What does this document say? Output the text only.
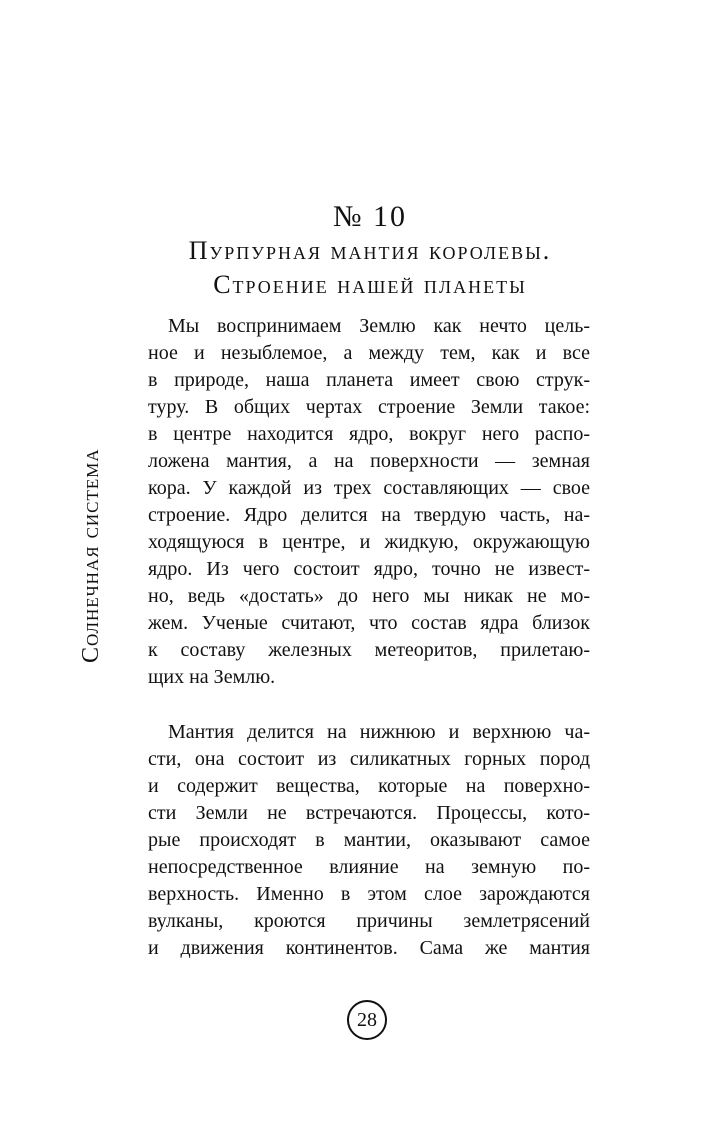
Солнечная система
№ 10
Пурпурная мантия королевы.
Строение нашей планеты
Мы воспринимаем Землю как нечто цель-
ное и незыблемое, а между тем, как и все
в природе, наша планета имеет свою струк-
туру. В общих чертах строение Земли такое:
в центре находится ядро, вокруг него распо-
ложена мантия, а на поверхности — земная
кора. У каждой из трех составляющих — свое
строение. Ядро делится на твердую часть, на-
ходящуюся в центре, и жидкую, окружающую
ядро. Из чего состоит ядро, точно не извест-
но, ведь «достать» до него мы никак не мо-
жем. Ученые считают, что состав ядра близок
к составу железных метеоритов, прилетаю-
щих на Землю.
Мантия делится на нижнюю и верхнюю ча-
сти, она состоит из силикатных горных пород
и содержит вещества, которые на поверхно-
сти Земли не встречаются. Процессы, кото-
рые происходят в мантии, оказывают самое
непосредственное влияние на земную по-
верхность. Именно в этом слое зарождаются
вулканы, кроются причины землетрясений
и движения континентов. Сама же мантия
28
